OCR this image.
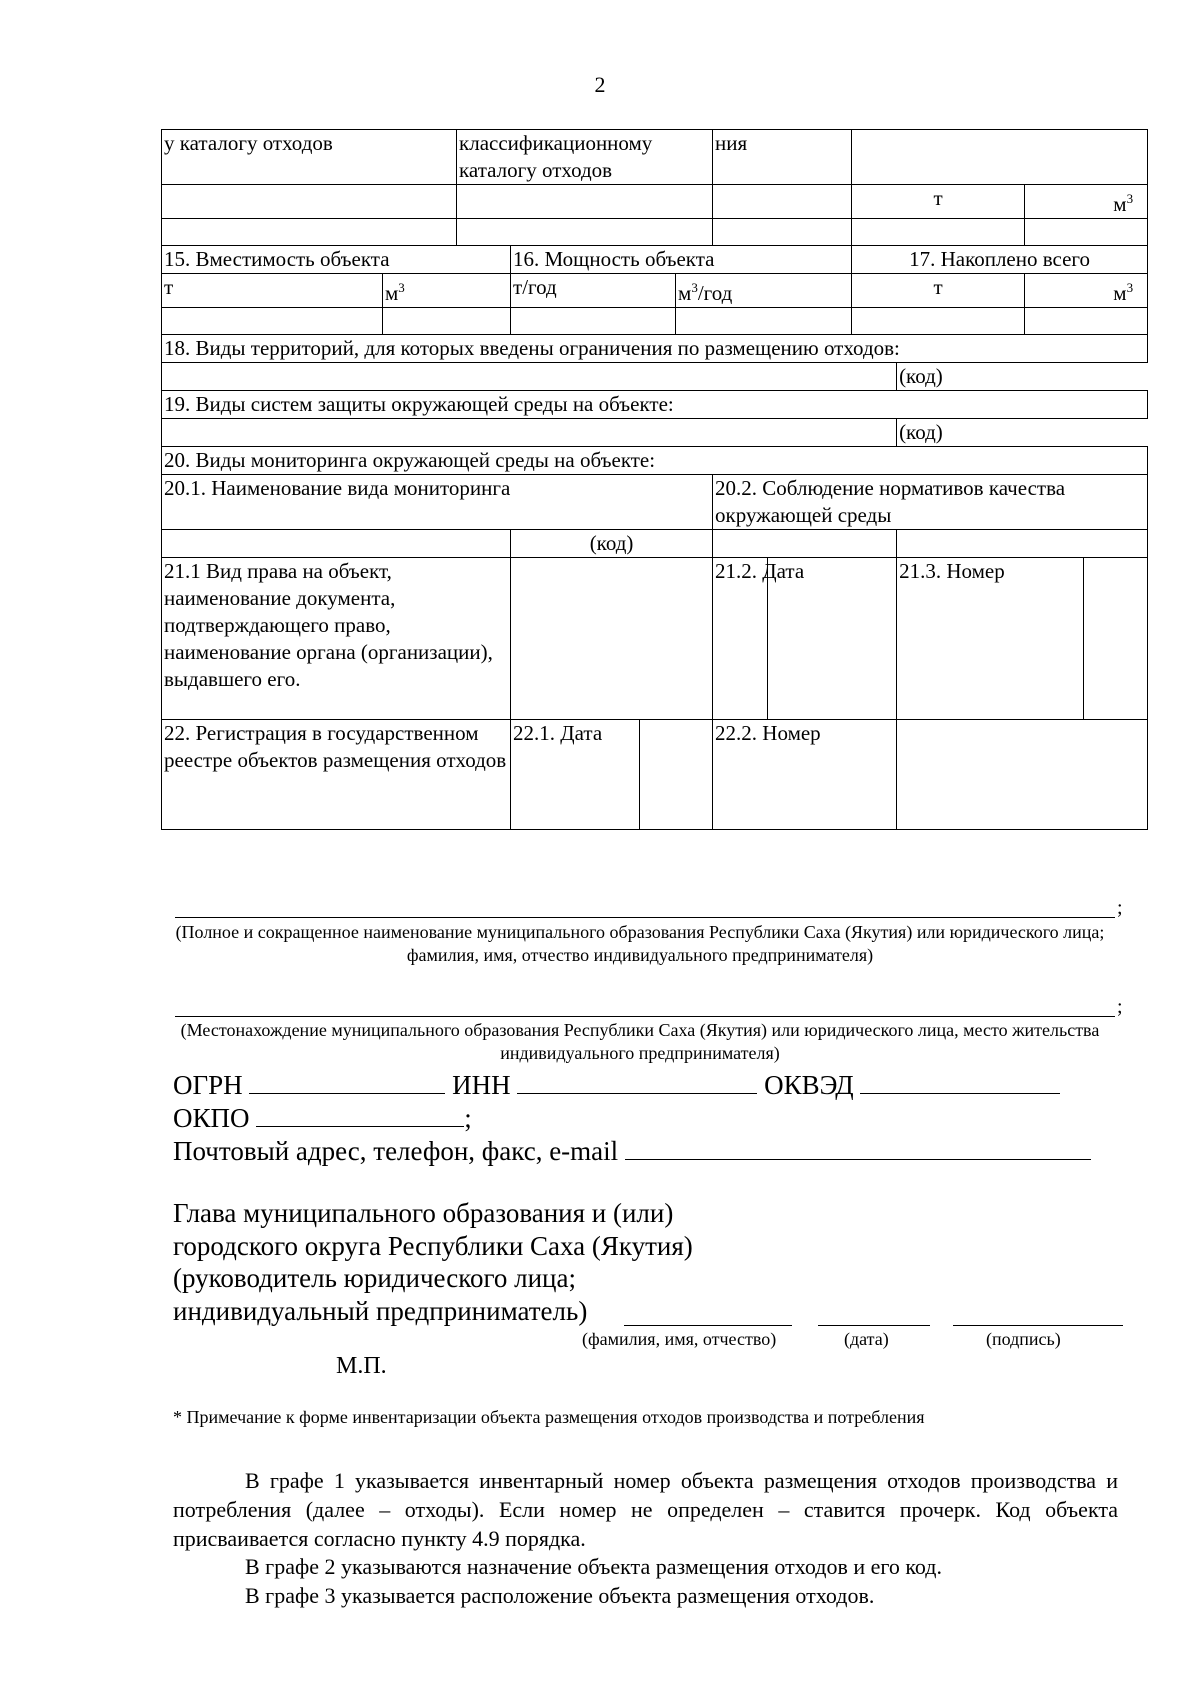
2
у каталогу отходов		классификационному каталогу отходов				ния					
								т		$м^3$

15. Вместимость объекта			16. Мощность объекта					17. Накоплено всего			
т	$м^3$		т/год		$м^3$/год			т		$м^3$

18. Виды территорий, для которых введены ограничения по размещению отходов:											
									(код)		
19. Виды систем защиты окружающей среды на объекте:											
									(код)		
20. Виды мониторинга окружающей среды на объекте:											
20.1. Наименование вида мониторинга						20.2. Соблюдение нормативов качества окружающей среды					
			(код)								
21.1 Вид права на объект, наименование документа, подтверждающего право, наименование органа (организации), выдавшего его.						21.2. Дата			21.3. Номер		
22. Регистрация в государственном реестре объектов размещения отходов			22.1. Дата			22.2. Номер					
;
(Полное и сокращенное наименование муниципального образования Республики Саха (Якутия) или юридического лица; фамилия, имя, отчество индивидуального предпринимателя)
;
(Местонахождение муниципального образования Республики Саха (Якутия) или юридического лица, место жительства индивидуального предпринимателя)
ОГРН	ИНН	ОКВЭД
ОКПО	;
Почтовый адрес, телефон, факс, e-mail
Глава муниципального образования и (или)
городского округа Республики Саха (Якутия)
(руководитель юридического лица;
индивидуальный предприниматель)
(фамилия, имя, отчество)	(дата)	(подпись)
М.П.
* Примечание к форме инвентаризации объекта размещения отходов производства и потребления
В графе 1 указывается инвентарный номер объекта размещения отходов производства и потребления (далее – отходы). Если номер не определен – ставится прочерк. Код объекта присваивается согласно пункту 4.9 порядка.
В графе 2 указываются назначение объекта размещения отходов и его код.
В графе 3 указывается расположение объекта размещения отходов.
